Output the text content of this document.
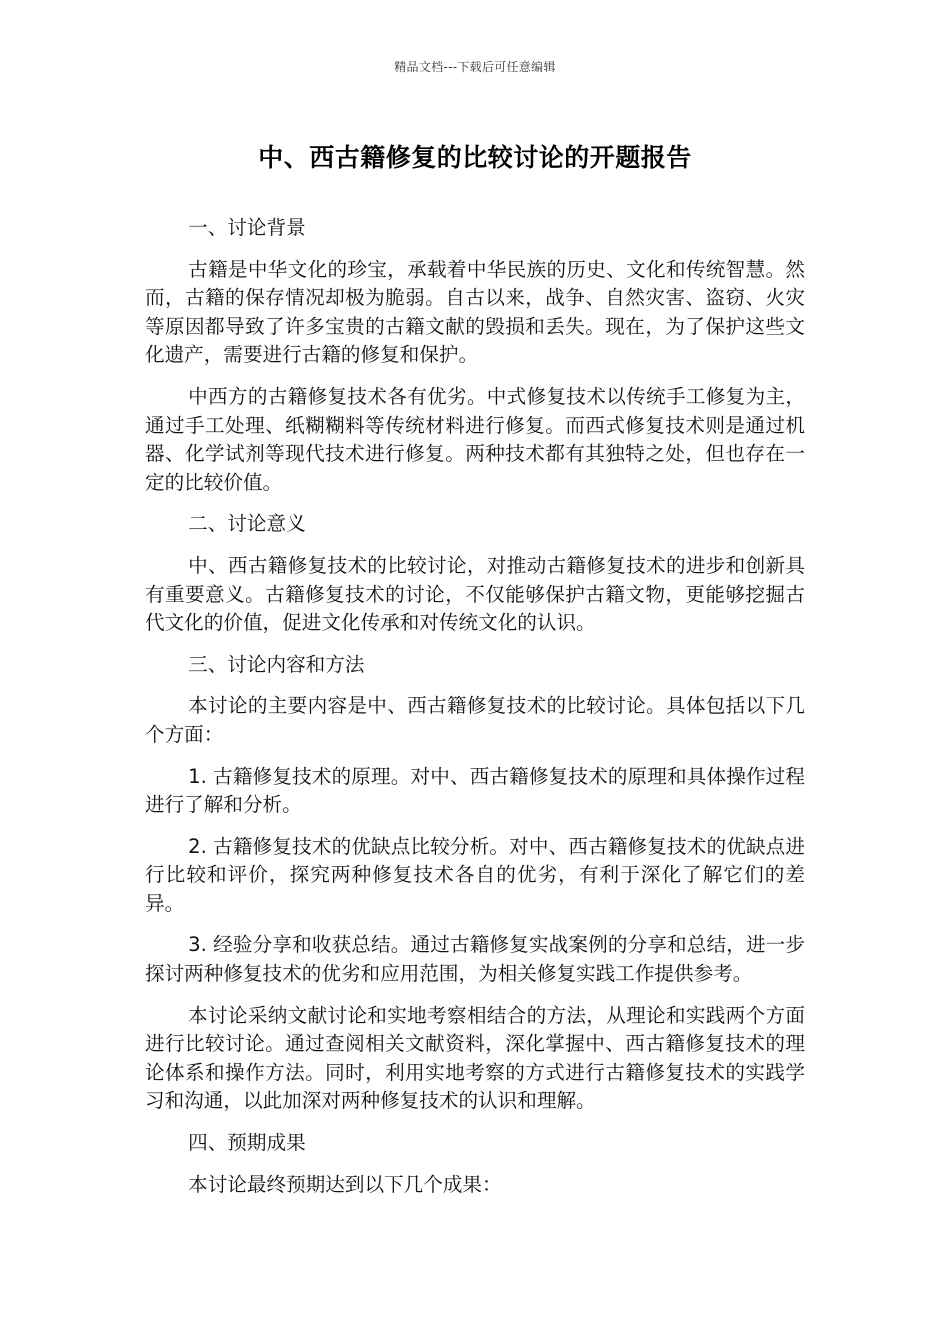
精品文档---下载后可任意编辑
中、西古籍修复的比较讨论的开题报告

一、讨论背景

古籍是中华文化的珍宝，承载着中华民族的历史、文化和传统智慧。然而，古籍的保存情况却极为脆弱。自古以来，战争、自然灾害、盗窃、火灾等原因都导致了许多宝贵的古籍文献的毁损和丢失。现在，为了保护这些文化遗产，需要进行古籍的修复和保护。

中西方的古籍修复技术各有优劣。中式修复技术以传统手工修复为主，通过手工处理、纸糊糊料等传统材料进行修复。而西式修复技术则是通过机器、化学试剂等现代技术进行修复。两种技术都有其独特之处，但也存在一定的比较价值。

二、讨论意义

中、西古籍修复技术的比较讨论，对推动古籍修复技术的进步和创新具有重要意义。古籍修复技术的讨论，不仅能够保护古籍文物，更能够挖掘古代文化的价值，促进文化传承和对传统文化的认识。

三、讨论内容和方法

本讨论的主要内容是中、西古籍修复技术的比较讨论。具体包括以下几个方面：

1. 古籍修复技术的原理。对中、西古籍修复技术的原理和具体操作过程进行了解和分析。

2. 古籍修复技术的优缺点比较分析。对中、西古籍修复技术的优缺点进行比较和评价，探究两种修复技术各自的优劣，有利于深化了解它们的差异。

3. 经验分享和收获总结。通过古籍修复实战案例的分享和总结，进一步探讨两种修复技术的优劣和应用范围，为相关修复实践工作提供参考。

本讨论采纳文献讨论和实地考察相结合的方法，从理论和实践两个方面进行比较讨论。通过查阅相关文献资料，深化掌握中、西古籍修复技术的理论体系和操作方法。同时，利用实地考察的方式进行古籍修复技术的实践学习和沟通，以此加深对两种修复技术的认识和理解。

四、预期成果

本讨论最终预期达到以下几个成果：
